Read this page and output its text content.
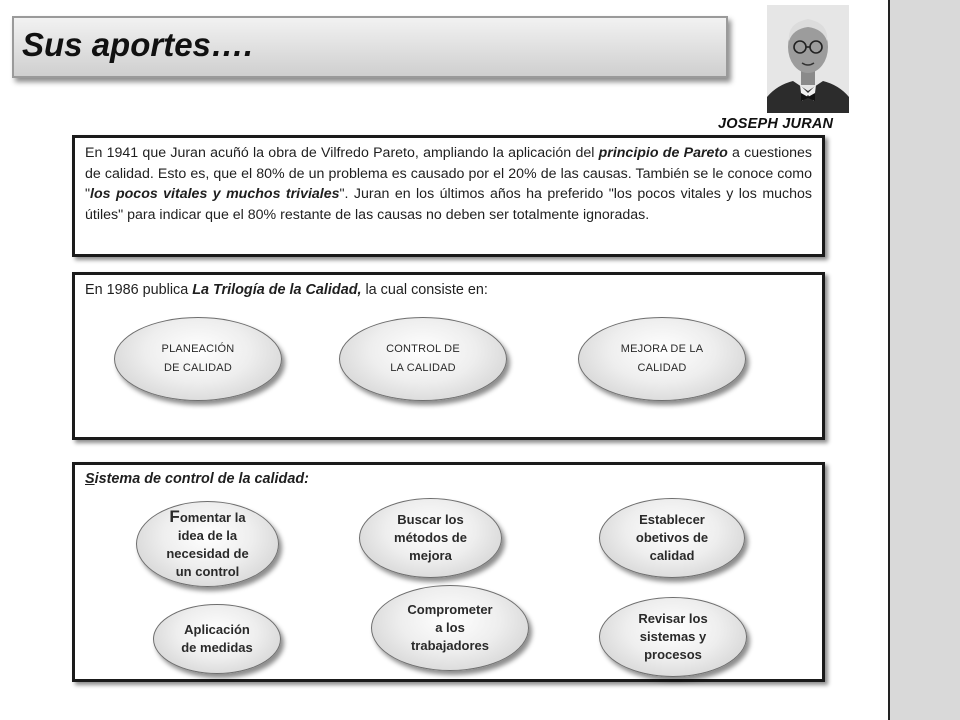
Sus aportes….
JOSEPH JURAN
En 1941 que Juran acuñó la obra de Vilfredo Pareto, ampliando la aplicación del principio de Pareto a cuestiones de calidad. Esto es, que el 80% de un problema es causado por el 20% de las causas. También se le conoce como "los pocos vitales y muchos triviales". Juran en los últimos años ha preferido "los pocos vitales y los muchos útiles" para indicar que el 80% restante de las causas no deben ser totalmente ignoradas.
En 1986 publica La Trilogía de la Calidad, la cual consiste en:
PLANEACIÓN
DE CALIDAD
CONTROL DE
LA CALIDAD
MEJORA DE LA
CALIDAD
Sistema de control de la calidad:
Fomentar la
idea de la
necesidad de
un control
Buscar los
métodos de
mejora
Establecer
obetivos de
calidad
Aplicación
de medidas
Comprometer
a los
trabajadores
Revisar los
sistemas y
procesos
